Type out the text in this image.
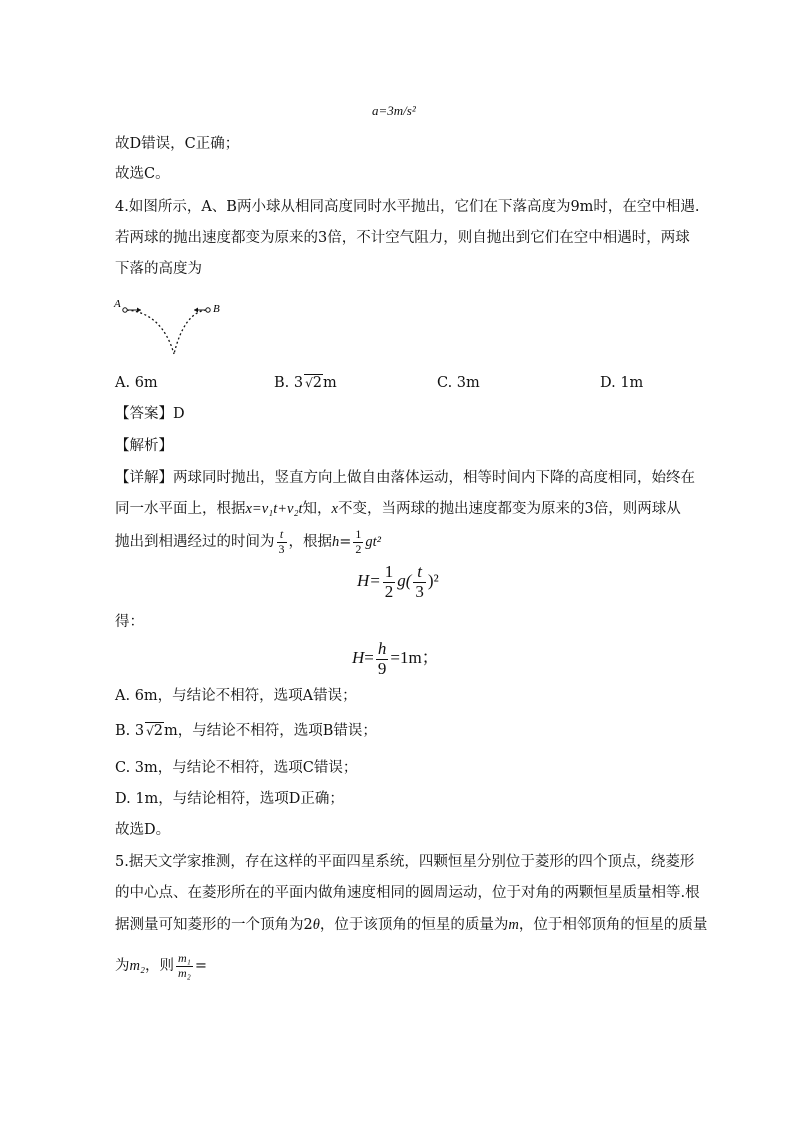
a=3m/s²
故D错误，C正确；
故选C。
4.如图所示，A、B两小球从相同高度同时水平抛出，它们在下落高度为9m时，在空中相遇.
若两球的抛出速度都变为原来的3倍，不计空气阻力，则自抛出到它们在空中相遇时，两球
下落的高度为
A	B
A. 6m	B. 3 √2m	C. 3m	D. 1m
【答案】D
【解析】
【详解】两球同时抛出，竖直方向上做自由落体运动，相等时间内下降的高度相同，始终在
同一水平面上，根据x=v₁t+v₂t知，x不变，当两球的抛出速度都变为原来的3倍，则两球从
抛出到相遇经过的时间为 $\frac{t}{3}$ ，根据$h= \frac{1}{2} gt^2$
$H= \frac{1}{2} g( \frac{t}{3} )^2$
得：
$H= \frac{h}{9} =1m$；
A. 6m，与结论不相符，选项A错误；
B. 3 √2m，与结论不相符，选项B错误；
C. 3m，与结论不相符，选项C错误；
D. 1m，与结论相符，选项D正确；
故选D。
5.据天文学家推测，存在这样的平面四星系统，四颗恒星分别位于菱形的四个顶点，绕菱形
的中心点、在菱形所在的平面内做角速度相同的圆周运动，位于对角的两颗恒星质量相等.根
据测量可知菱形的一个顶角为2θ，位于该顶角的恒星的质量为m，位于相邻顶角的恒星的质量
为m₂，则 $\frac{\text{m₁}}{\text{m₂}}$ =
